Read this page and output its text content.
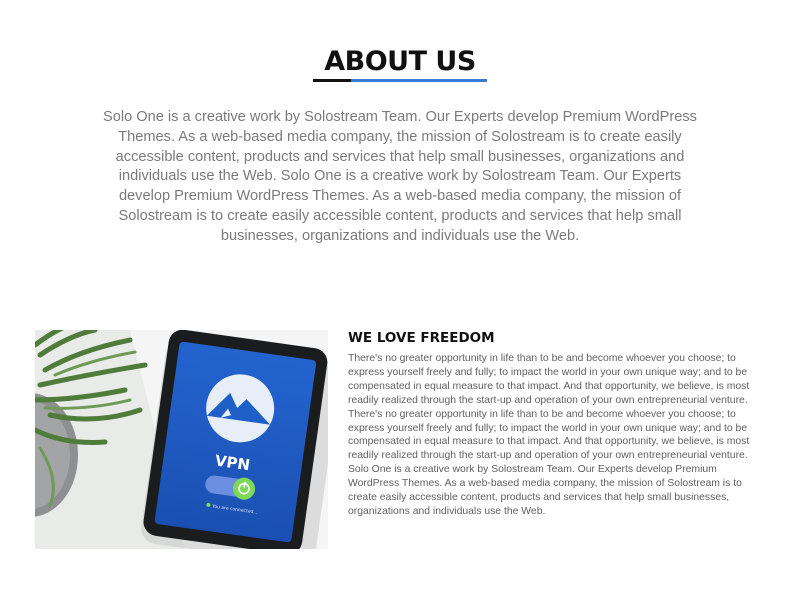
ABOUT US

Solo One is a creative work by Solostream Team. Our Experts develop Premium WordPress Themes. As a web-based media company, the mission of Solostream is to create easily accessible content, products and services that help small businesses, organizations and individuals use the Web. Solo One is a creative work by Solostream Team. Our Experts develop Premium WordPress Themes. As a web-based media company, the mission of Solostream is to create easily accessible content, products and services that help small businesses, organizations and individuals use the Web.

VPN
You are connected...
WE LOVE FREEDOM

There's no greater opportunity in life than to be and become whoever you choose; to express yourself freely and fully; to impact the world in your own unique way; and to be compensated in equal measure to that impact. And that opportunity, we believe, is most readily realized through the start-up and operation of your own entrepreneurial venture. There's no greater opportunity in life than to be and become whoever you choose; to express yourself freely and fully; to impact the world in your own unique way; and to be compensated in equal measure to that impact. And that opportunity, we believe, is most readily realized through the start-up and operation of your own entrepreneurial venture. Solo One is a creative work by Solostream Team. Our Experts develop Premium WordPress Themes. As a web-based media company, the mission of Solostream is to create easily accessible content, products and services that help small businesses, organizations and individuals use the Web.
